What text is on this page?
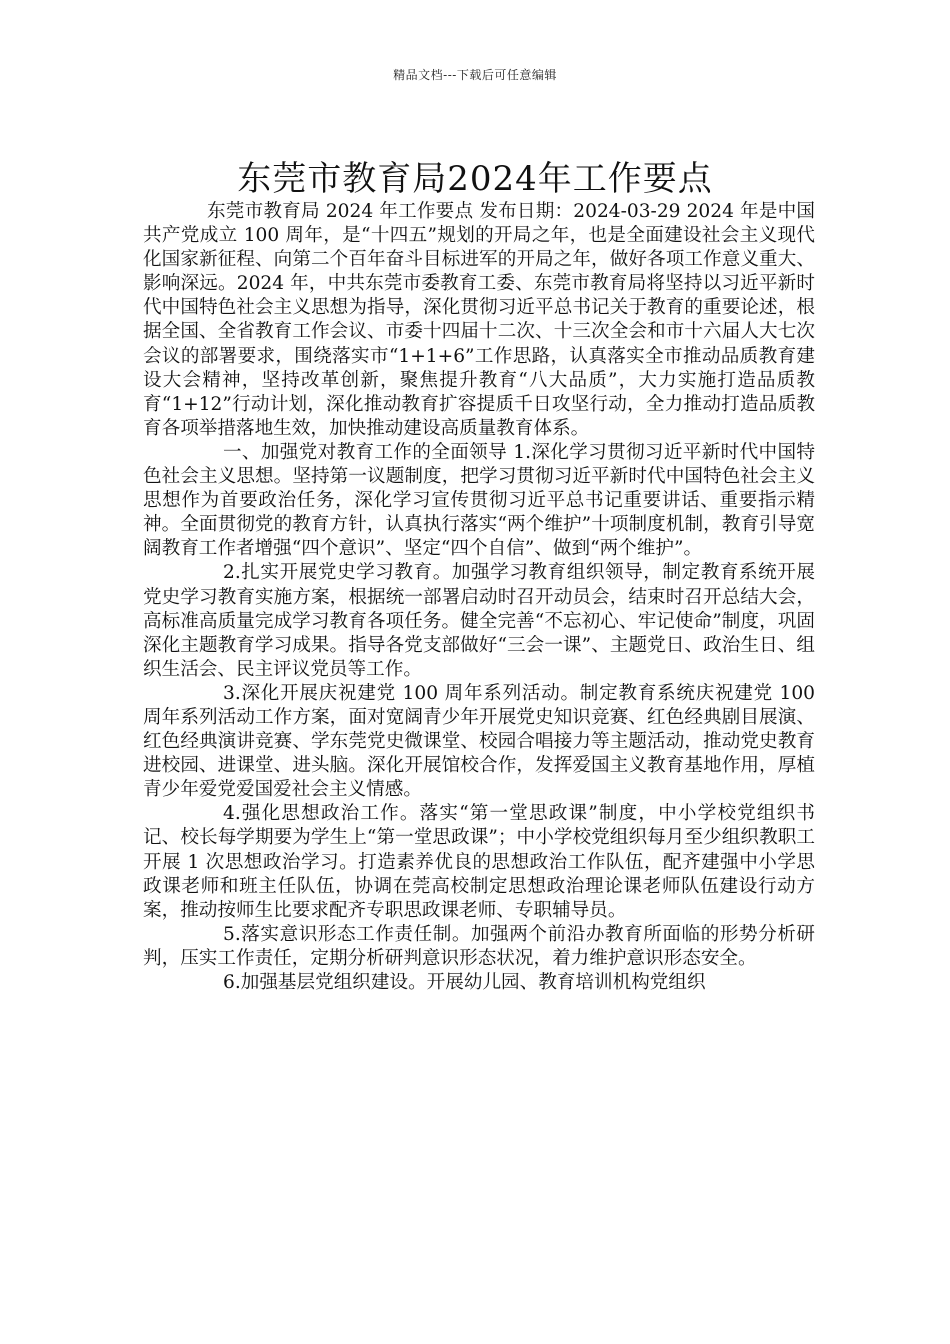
精品文档---下载后可任意编辑
东莞市教育局2024年工作要点

东莞市教育局 2024 年工作要点 发布日期：2024-03-29 2024 年是中国共产党成立 100 周年，是“十四五”规划的开局之年，也是全面建设社会主义现代化国家新征程、向第二个百年奋斗目标进军的开局之年，做好各项工作意义重大、影响深远。2024 年，中共东莞市委教育工委、东莞市教育局将坚持以习近平新时代中国特色社会主义思想为指导，深化贯彻习近平总书记关于教育的重要论述，根据全国、全省教育工作会议、市委十四届十二次、十三次全会和市十六届人大七次会议的部署要求，围绕落实市“1+1+6”工作思路，认真落实全市推动品质教育建设大会精神，坚持改革创新，聚焦提升教育“八大品质”，大力实施打造品质教育“1+12”行动计划，深化推动教育扩容提质千日攻坚行动，全力推动打造品质教育各项举措落地生效，加快推动建设高质量教育体系。

一、加强党对教育工作的全面领导 1.深化学习贯彻习近平新时代中国特色社会主义思想。坚持第一议题制度，把学习贯彻习近平新时代中国特色社会主义思想作为首要政治任务，深化学习宣传贯彻习近平总书记重要讲话、重要指示精神。全面贯彻党的教育方针，认真执行落实“两个维护”十项制度机制，教育引导宽阔教育工作者增强“四个意识”、坚定“四个自信”、做到“两个维护”。

2.扎实开展党史学习教育。加强学习教育组织领导，制定教育系统开展党史学习教育实施方案，根据统一部署启动时召开动员会，结束时召开总结大会，高标准高质量完成学习教育各项任务。健全完善“不忘初心、牢记使命”制度，巩固深化主题教育学习成果。指导各党支部做好“三会一课”、主题党日、政治生日、组织生活会、民主评议党员等工作。

3.深化开展庆祝建党 100 周年系列活动。制定教育系统庆祝建党 100 周年系列活动工作方案，面对宽阔青少年开展党史知识竞赛、红色经典剧目展演、红色经典演讲竞赛、学东莞党史微课堂、校园合唱接力等主题活动，推动党史教育进校园、进课堂、进头脑。深化开展馆校合作，发挥爱国主义教育基地作用，厚植青少年爱党爱国爱社会主义情感。

4.强化思想政治工作。落实“第一堂思政课”制度，中小学校党组织书记、校长每学期要为学生上“第一堂思政课”；中小学校党组织每月至少组织教职工开展 1 次思想政治学习。打造素养优良的思想政治工作队伍，配齐建强中小学思政课老师和班主任队伍，协调在莞高校制定思想政治理论课老师队伍建设行动方案，推动按师生比要求配齐专职思政课老师、专职辅导员。

5.落实意识形态工作责任制。加强两个前沿办教育所面临的形势分析研判，压实工作责任，定期分析研判意识形态状况，着力维护意识形态安全。

6.加强基层党组织建设。开展幼儿园、教育培训机构党组织
